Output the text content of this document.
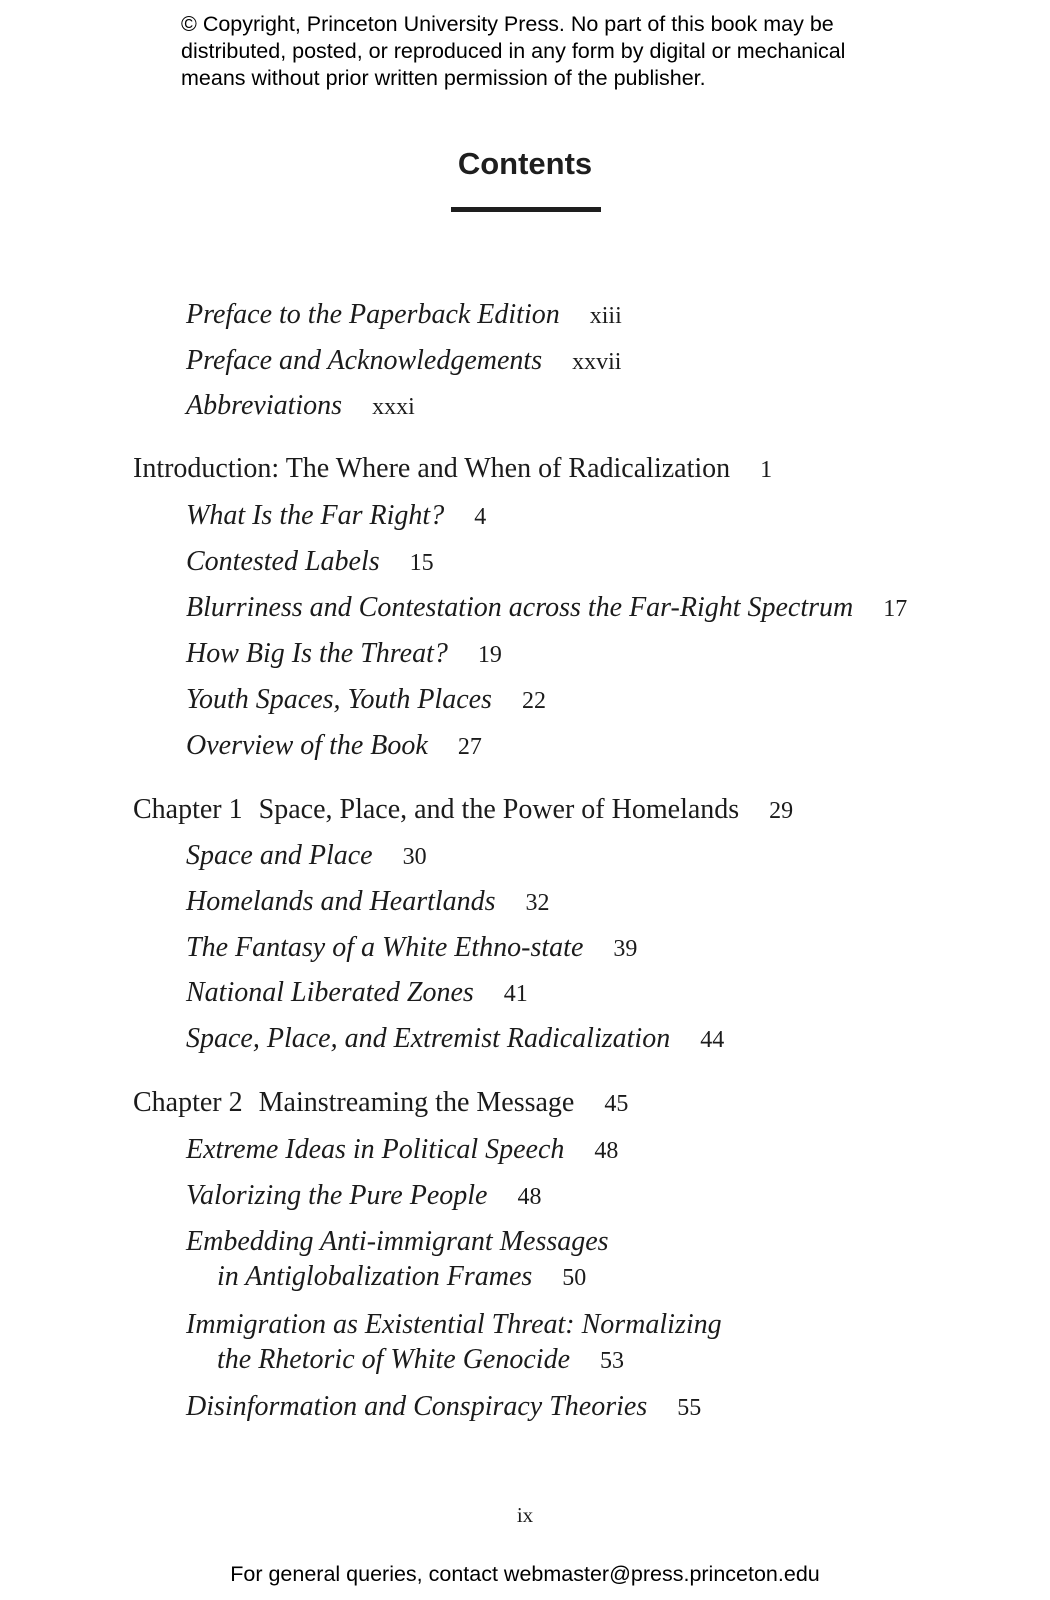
© Copyright, Princeton University Press. No part of this book may be
distributed, posted, or reproduced in any form by digital or mechanical
means without prior written permission of the publisher.
Contents
Preface to the Paperback Edition xiii
Preface and Acknowledgements xxvii
Abbreviations xxxi
Introduction: The Where and When of Radicalization 1
What Is the Far Right? 4
Contested Labels 15
Blurriness and Contestation across the Far-Right Spectrum 17
How Big Is the Threat? 19
Youth Spaces, Youth Places 22
Overview of the Book 27
Chapter 1 Space, Place, and the Power of Homelands 29
Space and Place 30
Homelands and Heartlands 32
The Fantasy of a White Ethno-state 39
National Liberated Zones 41
Space, Place, and Extremist Radicalization 44
Chapter 2 Mainstreaming the Message 45
Extreme Ideas in Political Speech 48
Valorizing the Pure People 48
Embedding Anti-immigrant Messages
in Antiglobalization Frames 50
Immigration as Existential Threat: Normalizing
the Rhetoric of White Genocide 53
Disinformation and Conspiracy Theories 55
ix
For general queries, contact webmaster@press.princeton.edu
